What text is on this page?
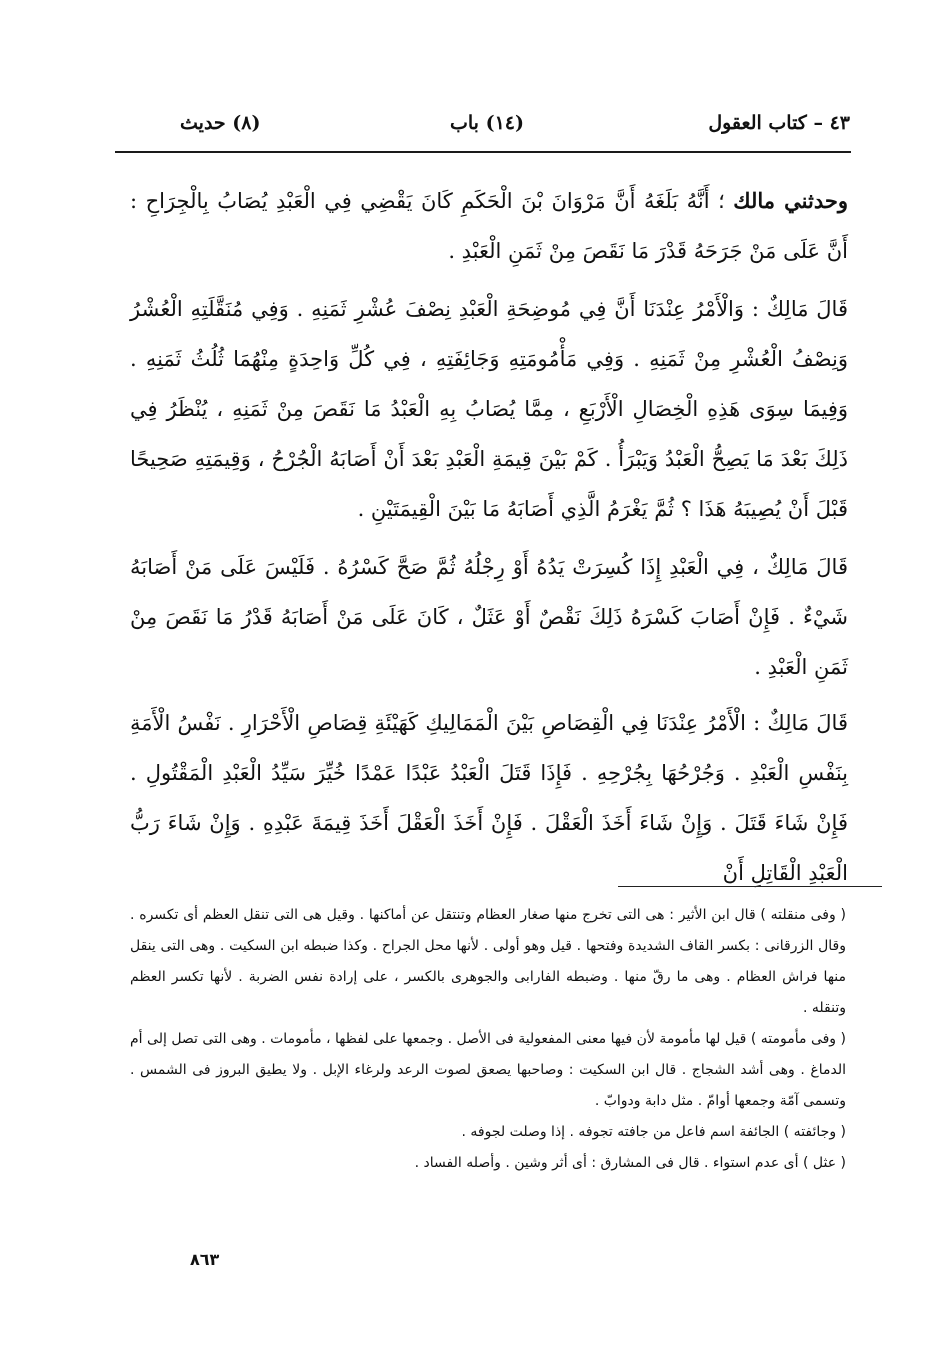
٤٣ – كتاب العقول
(١٤) باب
(٨) حديث

وحدثني مالك ؛ أَنَّهُ بَلَغَهُ أَنَّ مَرْوَانَ بْنَ الْحَكَمِ كَانَ يَقْضِي فِي الْعَبْدِ يُصَابُ بِالْجِرَاحِ : أَنَّ عَلَى مَنْ جَرَحَهُ قَدْرَ مَا نَقَصَ مِنْ ثَمَنِ الْعَبْدِ .

قَالَ مَالِكٌ : وَالْأَمْرُ عِنْدَنَا أَنَّ فِي مُوضِحَةِ الْعَبْدِ نِصْفَ عُشْرِ ثَمَنِهِ . وَفِي مُنَقَّلَتِهِ الْعُشْرُ وَنِصْفُ الْعُشْرِ مِنْ ثَمَنِهِ . وَفِي مَأْمُومَتِهِ وَجَائِفَتِهِ ، فِي كُلِّ وَاحِدَةٍ مِنْهُمَا ثُلُثُ ثَمَنِهِ . وَفِيمَا سِوَى هَذِهِ الْخِصَالِ الْأَرْبَعِ ، مِمَّا يُصَابُ بِهِ الْعَبْدُ مَا نَقَصَ مِنْ ثَمَنِهِ ، يُنْظَرُ فِي ذَلِكَ بَعْدَ مَا يَصِحُّ الْعَبْدُ وَيَبْرَأُ . كَمْ بَيْنَ قِيمَةِ الْعَبْدِ بَعْدَ أَنْ أَصَابَهُ الْجُرْحُ ، وَقِيمَتِهِ صَحِيحًا قَبْلَ أَنْ يُصِيبَهُ هَذَا ؟ ثُمَّ يَغْرَمُ الَّذِي أَصَابَهُ مَا بَيْنَ الْقِيمَتَيْنِ .

قَالَ مَالِكٌ ، فِي الْعَبْدِ إِذَا كُسِرَتْ يَدُهُ أَوْ رِجْلُهُ ثُمَّ صَحَّ كَسْرُهُ . فَلَيْسَ عَلَى مَنْ أَصَابَهُ شَيْءٌ . فَإِنْ أَصَابَ كَسْرَهُ ذَلِكَ نَقْصٌ أَوْ عَثَلٌ ، كَانَ عَلَى مَنْ أَصَابَهُ قَدْرُ مَا نَقَصَ مِنْ ثَمَنِ الْعَبْدِ .

قَالَ مَالِكٌ : الْأَمْرُ عِنْدَنَا فِي الْقِصَاصِ بَيْنَ الْمَمَالِيكِ كَهَيْئَةِ قِصَاصِ الْأَحْرَارِ . نَفْسُ الْأَمَةِ بِنَفْسِ الْعَبْدِ . وَجُرْحُهَا بِجُرْحِهِ . فَإِذَا قَتَلَ الْعَبْدُ عَبْدًا عَمْدًا خُيِّرَ سَيِّدُ الْعَبْدِ الْمَقْتُولِ . فَإِنْ شَاءَ قَتَلَ . وَإِنْ شَاءَ أَخَذَ الْعَقْلَ . فَإِنْ أَخَذَ الْعَقْلَ أَخَذَ قِيمَةَ عَبْدِهِ . وَإِنْ شَاءَ رَبُّ الْعَبْدِ الْقَاتِلِ أَنْ

( وفى منقلته ) قال ابن الأثير : هى التى تخرج منها صغار العظام وتنتقل عن أماكنها . وقيل هى التى تنقل العظم أى تكسره . وقال الزرقانى : بكسر القاف الشديدة وفتحها . قيل وهو أولى . لأنها محل الجراح . وكذا ضبطه ابن السكيت . وهى التى ينقل منها فراش العظام . وهى ما رقّ منها . وضبطه الفارابى والجوهرى بالكسر ، على إرادة نفس الضربة . لأنها تكسر العظم وتنقله .

( وفى مأمومته ) قيل لها مأمومة لأن فيها معنى المفعولية فى الأصل . وجمعها على لفظها ، مأمومات . وهى التى تصل إلى أم الدماغ . وهى أشد الشجاج . قال ابن السكيت : وصاحبها يصعق لصوت الرعد ولرغاء الإبل . ولا يطيق البروز فى الشمس . وتسمى آمّة وجمعها أوامّ . مثل دابة ودوابّ .

( وجائفته ) الجائفة اسم فاعل من جافته تجوفه . إذا وصلت لجوفه .

( عثل ) أى عدم استواء . قال فى المشارق : أى أثر وشين . وأصله الفساد .

٨٦٣
